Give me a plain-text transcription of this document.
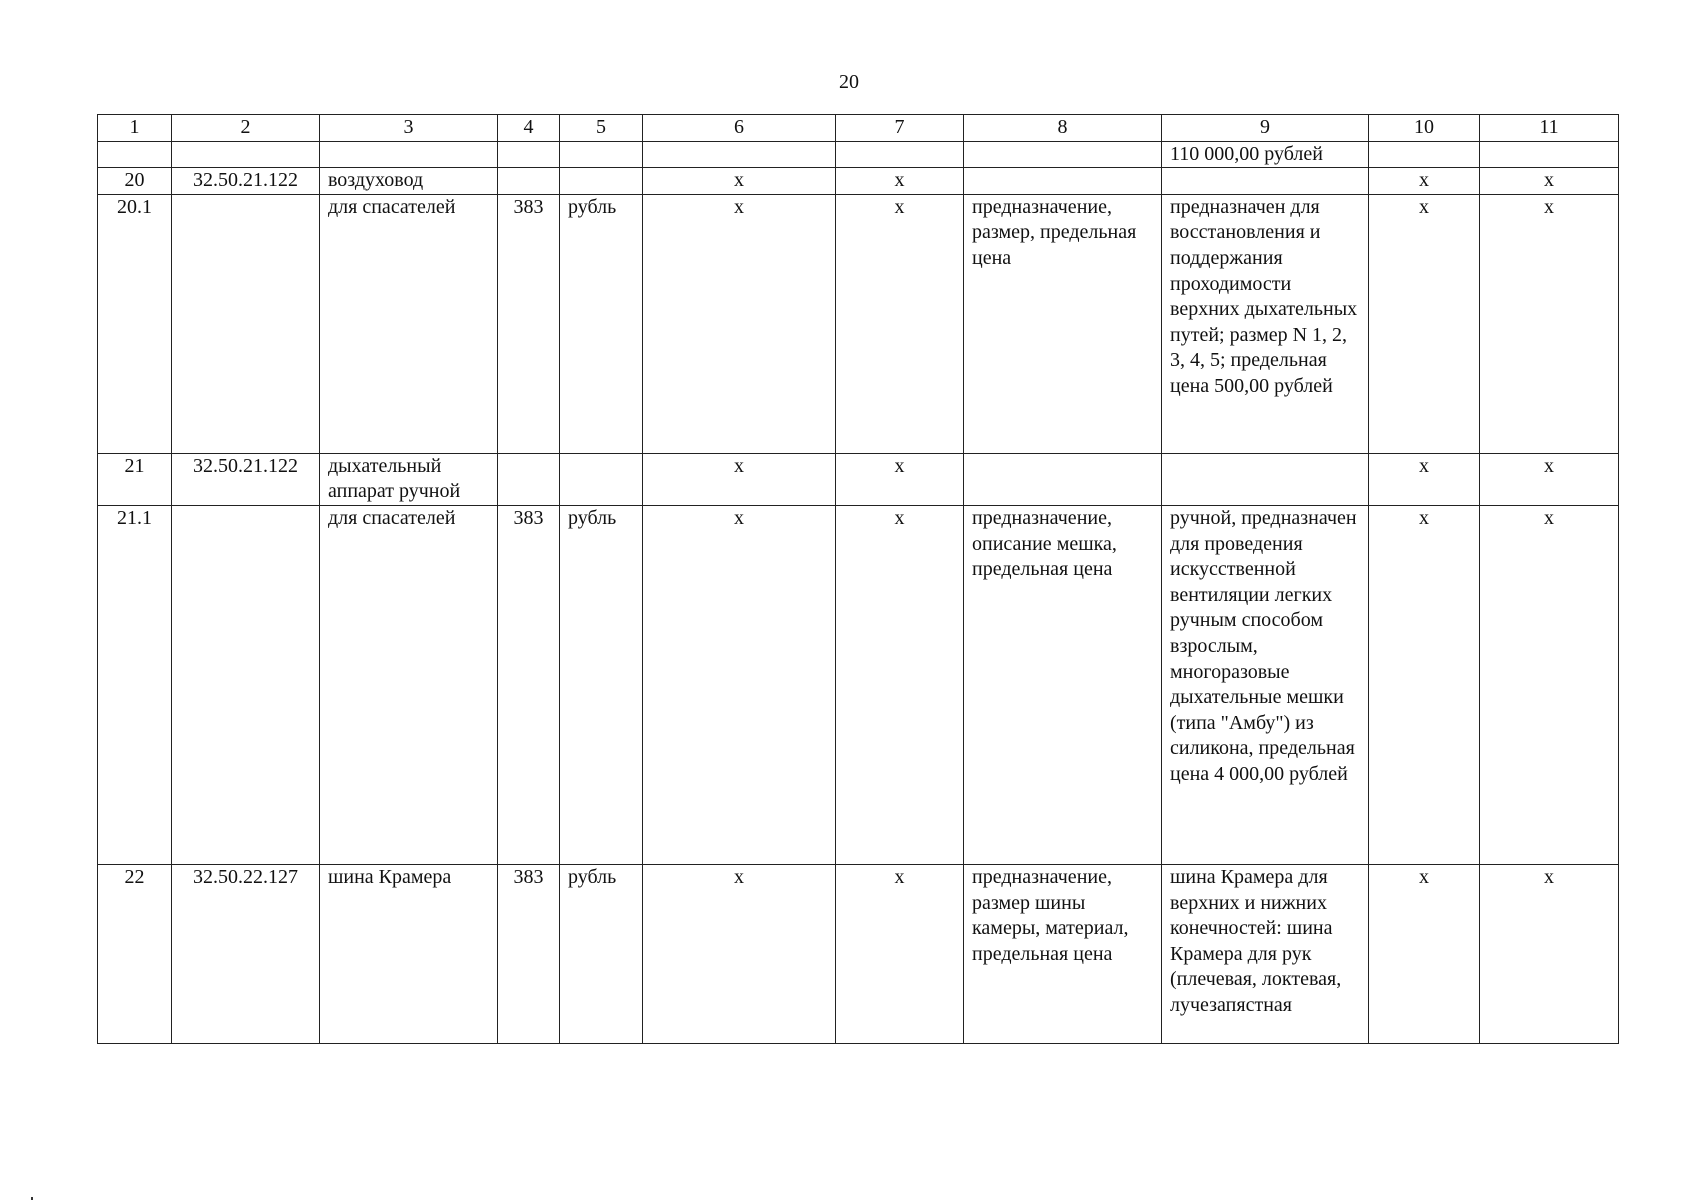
20
1	2	3	4	5	6	7	8	9	10	11
								110 000,00 рублей		
20	32.50.21.122	воздуховод			x	x			x	x
20.1		для спасателей	383	рубль	x	x	предназначение, размер, предельная цена	предназначен для восстановления и поддержания проходимости верхних дыхательных путей; размер N 1, 2, 3, 4, 5; предельная цена 500,00 рублей	x	x
21	32.50.21.122	дыхательный аппарат ручной			x	x			x	x
21.1		для спасателей	383	рубль	x	x	предназначение, описание мешка, предельная цена	ручной, предназначен для проведения искусственной вентиляции легких ручным способом взрослым, многоразовые дыхательные мешки (типа "Амбу") из силикона, предельная цена 4 000,00 рублей	x	x
22	32.50.22.127	шина Крамера	383	рубль	x	x	предназначение, размер шины камеры, материал, предельная цена	шина Крамера для верхних и нижних конечностей: шина Крамера для рук (плечевая, локтевая, лучезапястная	x	x
